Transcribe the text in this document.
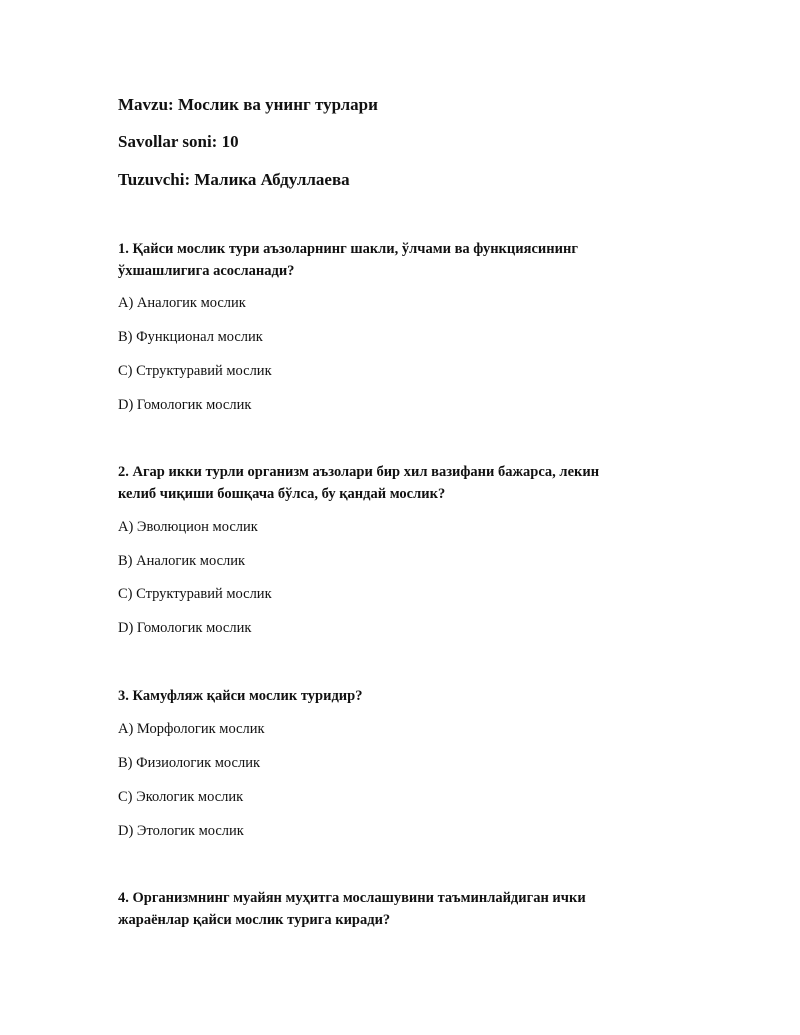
Mavzu: Мослик ва унинг турлари
Savollar soni: 10
Tuzuvchi: Малика Абдуллаева
1. Қайси мослик тури аъзоларнинг шакли, ўлчами ва функциясининг
ўхшашлигига асосланади?
A) Аналогик мослик
B) Функционал мослик
C) Структуравий мослик
D) Гомологик мослик
2. Агар икки турли организм аъзолари бир хил вазифани бажарса, лекин
келиб чиқиши бошқача бўлса, бу қандай мослик?
A) Эволюцион мослик
B) Аналогик мослик
C) Структуравий мослик
D) Гомологик мослик
3. Камуфляж қайси мослик туридир?
A) Морфологик мослик
B) Физиологик мослик
C) Экологик мослик
D) Этологик мослик
4. Организмнинг муайян муҳитга мослашувини таъминлайдиган ички
жараёнлар қайси мослик турига киради?
